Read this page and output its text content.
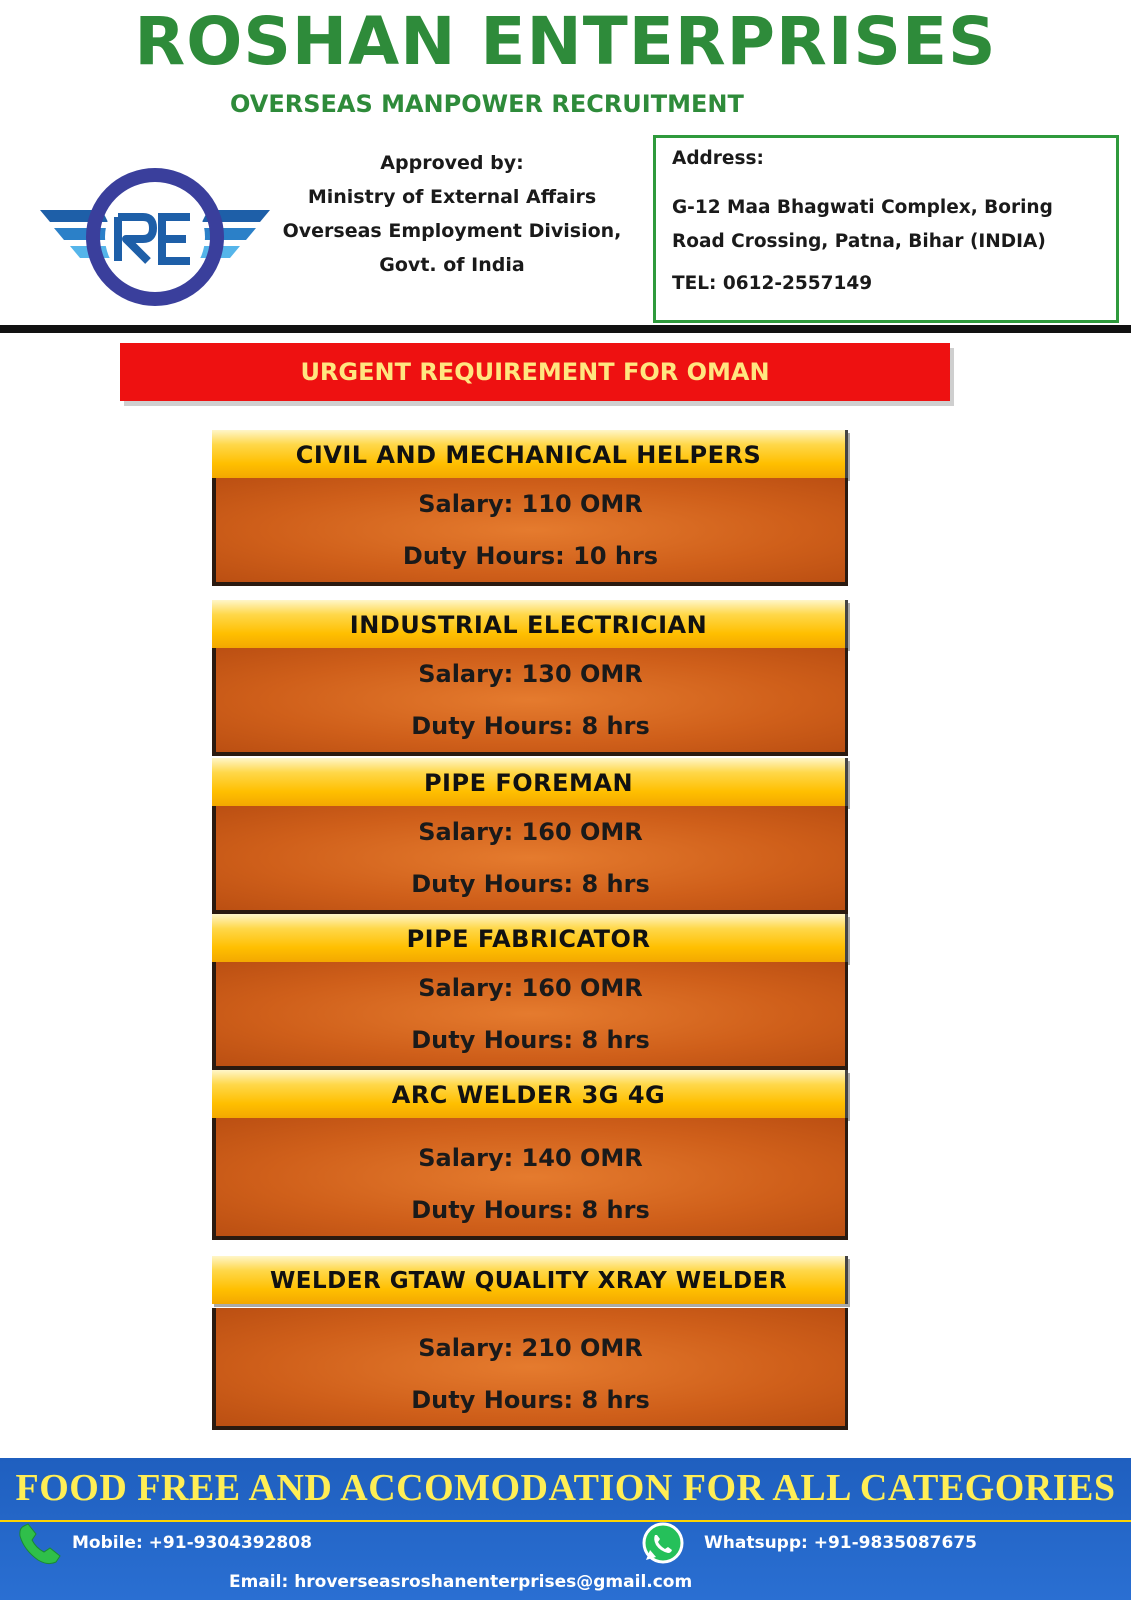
ROSHAN ENTERPRISES
OVERSEAS MANPOWER RECRUITMENT
Approved by:
Ministry of External Affairs
Overseas Employment Division,
Govt. of India
Address:
G-12 Maa Bhagwati Complex, Boring
Road Crossing, Patna, Bihar (INDIA)
TEL: 0612-2557149
URGENT REQUIREMENT FOR OMAN
CIVIL AND MECHANICAL HELPERS
Salary: 110 OMR
Duty Hours: 10 hrs
INDUSTRIAL ELECTRICIAN
Salary: 130 OMR
Duty Hours: 8 hrs
PIPE FOREMAN
Salary: 160 OMR
Duty Hours: 8 hrs
PIPE FABRICATOR
Salary: 160 OMR
Duty Hours: 8 hrs
ARC WELDER 3G 4G
Salary: 140 OMR
Duty Hours: 8 hrs
WELDER GTAW QUALITY XRAY WELDER
Salary: 210 OMR
Duty Hours: 8 hrs
FOOD FREE AND ACCOMODATION FOR ALL CATEGORIES
Mobile: +91-9304392808	Whatsupp: +91-9835087675
Email: hroverseasroshanenterprises@gmail.com
